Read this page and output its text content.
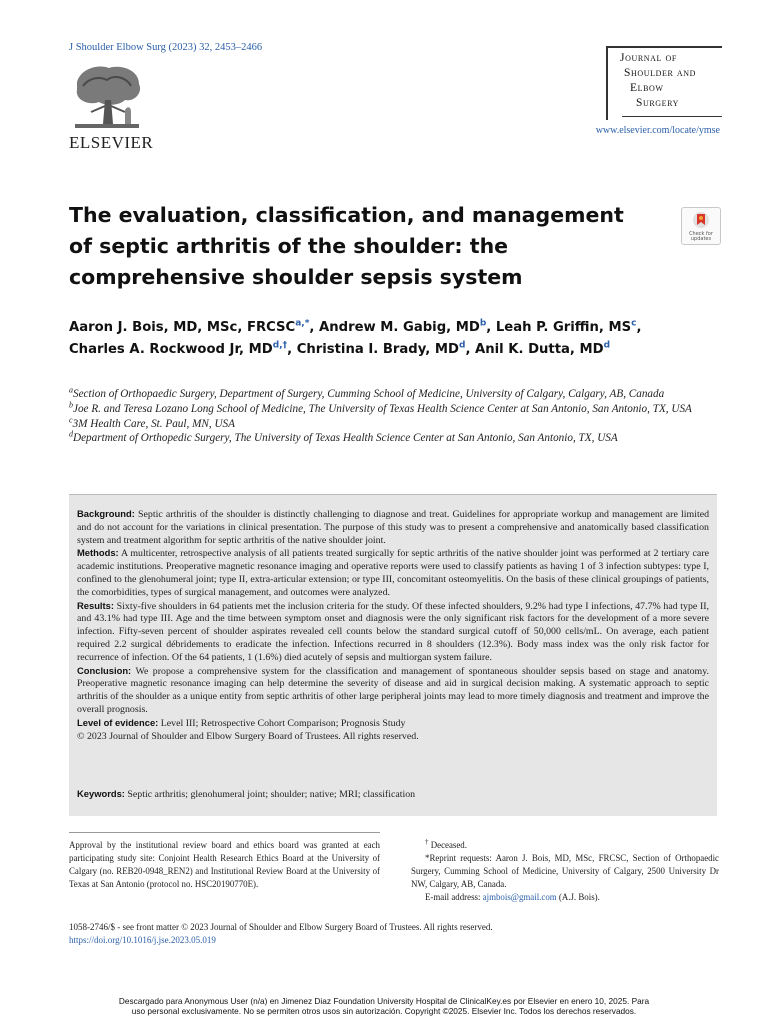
J Shoulder Elbow Surg (2023) 32, 2453–2466
ELSEVIER
Journal of
Shoulder and
Elbow
Surgery
www.elsevier.com/locate/ymse
The evaluation, classification, and management
of septic arthritis of the shoulder: the
comprehensive shoulder sepsis system
Check for
updates
Aaron J. Bois, MD, MSc, $FRCSC^{a,*}$, Andrew M. Gabig, $MD^b$, Leah P. Griffin, $MS^c$,
Charles A. Rockwood Jr, $MD^{d,\dagger}$, Christina I. Brady, $MD^d$, Anil K. Dutta, $MD^d$
$^a$Section of Orthopaedic Surgery, Department of Surgery, Cumming School of Medicine, University of Calgary, Calgary, AB, Canada
$^b$Joe R. and Teresa Lozano Long School of Medicine, The University of Texas Health Science Center at San Antonio, San Antonio, TX, USA
$^c$3M Health Care, St. Paul, MN, USA
$^d$Department of Orthopedic Surgery, The University of Texas Health Science Center at San Antonio, San Antonio, TX, USA

Background: Septic arthritis of the shoulder is distinctly challenging to diagnose and treat. Guidelines for appropriate workup and management are limited and do not account for the variations in clinical presentation. The purpose of this study was to present a comprehensive and anatomically based classification system and treatment algorithm for septic arthritis of the native shoulder joint.

Methods: A multicenter, retrospective analysis of all patients treated surgically for septic arthritis of the native shoulder joint was performed at 2 tertiary care academic institutions. Preoperative magnetic resonance imaging and operative reports were used to classify patients as having 1 of 3 infection subtypes: type I, confined to the glenohumeral joint; type II, extra-articular extension; or type III, concomitant osteomyelitis. On the basis of these clinical groupings of patients, the comorbidities, types of surgical management, and outcomes were analyzed.

Results: Sixty-five shoulders in 64 patients met the inclusion criteria for the study. Of these infected shoulders, 9.2% had type I infections, 47.7% had type II, and 43.1% had type III. Age and the time between symptom onset and diagnosis were the only significant risk factors for the development of a more severe infection. Fifty-seven percent of shoulder aspirates revealed cell counts below the standard surgical cutoff of 50,000 cells/mL. On average, each patient required 2.2 surgical débridements to eradicate the infection. Infections recurred in 8 shoulders (12.3%). Body mass index was the only risk factor for recurrence of infection. Of the 64 patients, 1 (1.6%) died acutely of sepsis and multiorgan system failure.

Conclusion: We propose a comprehensive system for the classification and management of spontaneous shoulder sepsis based on stage and anatomy. Preoperative magnetic resonance imaging can help determine the severity of disease and aid in surgical decision making. A systematic approach to septic arthritis of the shoulder as a unique entity from septic arthritis of other large peripheral joints may lead to more timely diagnosis and treatment and improve the overall prognosis.

Level of evidence: Level III; Retrospective Cohort Comparison; Prognosis Study

© 2023 Journal of Shoulder and Elbow Surgery Board of Trustees. All rights reserved.

Keywords: Septic arthritis; glenohumeral joint; shoulder; native; MRI; classification
Approval by the institutional review board and ethics board was granted at each participating study site: Conjoint Health Research Ethics Board at the University of Calgary (no. REB20-0948_REN2) and Institutional Review Board at the University of Texas at San Antonio (protocol no. HSC20190770E).

† Deceased.

*Reprint requests: Aaron J. Bois, MD, MSc, FRCSC, Section of Orthopaedic Surgery, Cumming School of Medicine, University of Calgary, 2500 University Dr NW, Calgary, AB, Canada.

E-mail address: ajmbois@gmail.com (A.J. Bois).

1058-2746/$ - see front matter © 2023 Journal of Shoulder and Elbow Surgery Board of Trustees. All rights reserved.
https://doi.org/10.1016/j.jse.2023.05.019
Descargado para Anonymous User (n/a) en Jimenez Diaz Foundation University Hospital de ClinicalKey.es por Elsevier en enero 10, 2025. Para
uso personal exclusivamente. No se permiten otros usos sin autorización. Copyright ©2025. Elsevier Inc. Todos los derechos reservados.
